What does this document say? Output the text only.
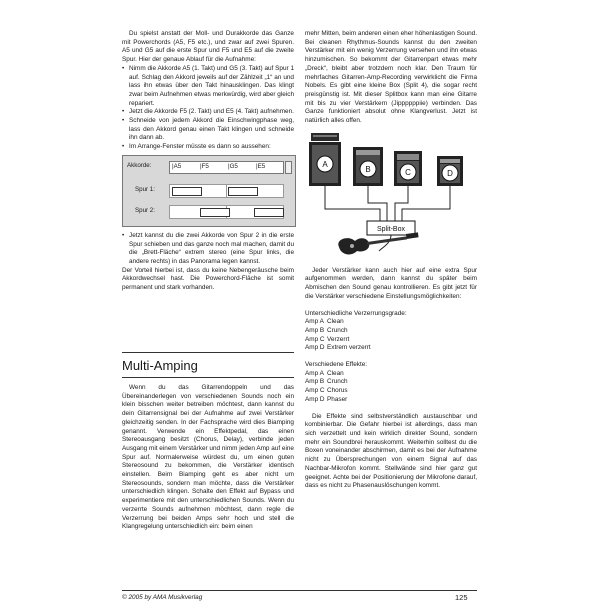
Du spielst anstatt der Moll- und Durakkorde das Ganze mit Powerchords (A5, F5 etc.), und zwar auf zwei Spuren. A5 und G5 auf die erste Spur und F5 und E5 auf die zweite Spur. Hier der genaue Ablauf für die Aufnahme:

• Nimm die Akkorde A5 (1. Takt) und G5 (3. Takt) auf Spur 1 auf. Schlag den Akkord jeweils auf der Zählzeit „1“ an und lass ihn etwas über den Takt hinausklingen. Das klingt zwar beim Aufnehmen etwas merkwürdig, wird aber gleich repariert.
• Jetzt die Akkorde F5 (2. Takt) und E5 (4. Takt) aufnehmen.
• Schneide von jedem Akkord die Einschwingphase weg, lass den Akkord genau einen Takt klingen und schneide ihn dann ab.
• Im Arrange-Fenster müsste es dann so aussehen:
Akkorde:	|A5	|F5	|G5	|E5
Spur 1:
Spur 2:
• Jetzt kannst du die zwei Akkorde von Spur 2 in die erste Spur schieben und das ganze noch mal machen, damit du die „Brett-Fläche“ extrem stereo (eine Spur links, die andere rechts) in das Panorama legen kannst.

Der Vorteil hierbei ist, dass du keine Nebengeräusche beim Akkordwechsel hast. Die Powerchord-Fläche ist somit permanent und stark vorhanden.

Multi-Amping

Wenn du das Gitarrendoppeln und das Übereinanderlegen von verschiedenen Sounds noch ein klein bisschen weiter betreiben möchtest, dann kannst du dein Gitarrensignal bei der Aufnahme auf zwei Verstärker gleichzeitig senden. In der Fachsprache wird dies Biamping genannt. Verwende ein Effektpedal, das einen Stereoausgang besitzt (Chorus, Delay), verbinde jeden Ausgang mit einem Verstärker und nimm jeden Amp auf eine Spur auf. Normalerweise würdest du, um einen guten Stereosound zu bekommen, die Verstärker identisch einstellen. Beim Biamping geht es aber nicht um Stereosounds, sondern man möchte, dass die Verstärker unterschiedlich klingen. Schalte den Effekt auf Bypass und experimentiere mit den unterschiedlichen Sounds. Wenn du verzerrte Sounds aufnehmen möchtest, dann regle die Verzerrung bei beiden Amps sehr hoch und stell die Klangregelung unterschiedlich ein: beim einen

mehr Mitten, beim anderen einen eher höhenlastigen Sound. Bei cleanen Rhythmus-Sounds kannst du den zweiten Verstärker mit ein wenig Verzerrung versehen und ihn etwas hinzumischen. So bekommt der Gitarrenpart etwas mehr „Dreck“, bleibt aber trotzdem noch klar. Den Traum für mehrfaches Gitarren-Amp-Recording verwirklicht die Firma Nobels. Es gibt eine kleine Box (Split 4), die sogar recht preisgünstig ist. Mit dieser Splitbox kann man eine Gitarre mit bis zu vier Verstärkern (Jippppppiie) verbinden. Das Ganze funktioniert absolut ohne Klangverlust. Jetzt ist natürlich alles offen.

A
B	C	D
Split-Box

Jeder Verstärker kann auch hier auf eine extra Spur aufgenommen werden, dann kannst du später beim Abmischen den Sound genau kontrollieren. Es gibt jetzt für die Verstärker verschiedene Einstellungsmöglichkeiten:

Unterschiedliche Verzerrungsgrade:

Amp A Clean
Amp B Crunch
Amp C Verzerrt
Amp D Extrem verzerrt

Verschiedene Effekte:

Amp A Clean
Amp B Crunch
Amp C Chorus
Amp D Phaser

Die Effekte sind selbstverständlich austauschbar und kombinierbar. Die Gefahr hierbei ist allerdings, dass man sich verzettelt und kein wirklich direkter Sound, sondern mehr ein Soundbrei herauskommt. Weiterhin solltest du die Boxen voneinander abschirmen, damit es bei der Aufnahme nicht zu Übersprechungen von einem Signal auf das Nachbar-Mikrofon kommt. Stellwände sind hier ganz gut geeignet. Achte bei der Positionierung der Mikrofone darauf, dass es nicht zu Phasenauslöschungen kommt.

© 2005 by AMA Musikverlag	125
